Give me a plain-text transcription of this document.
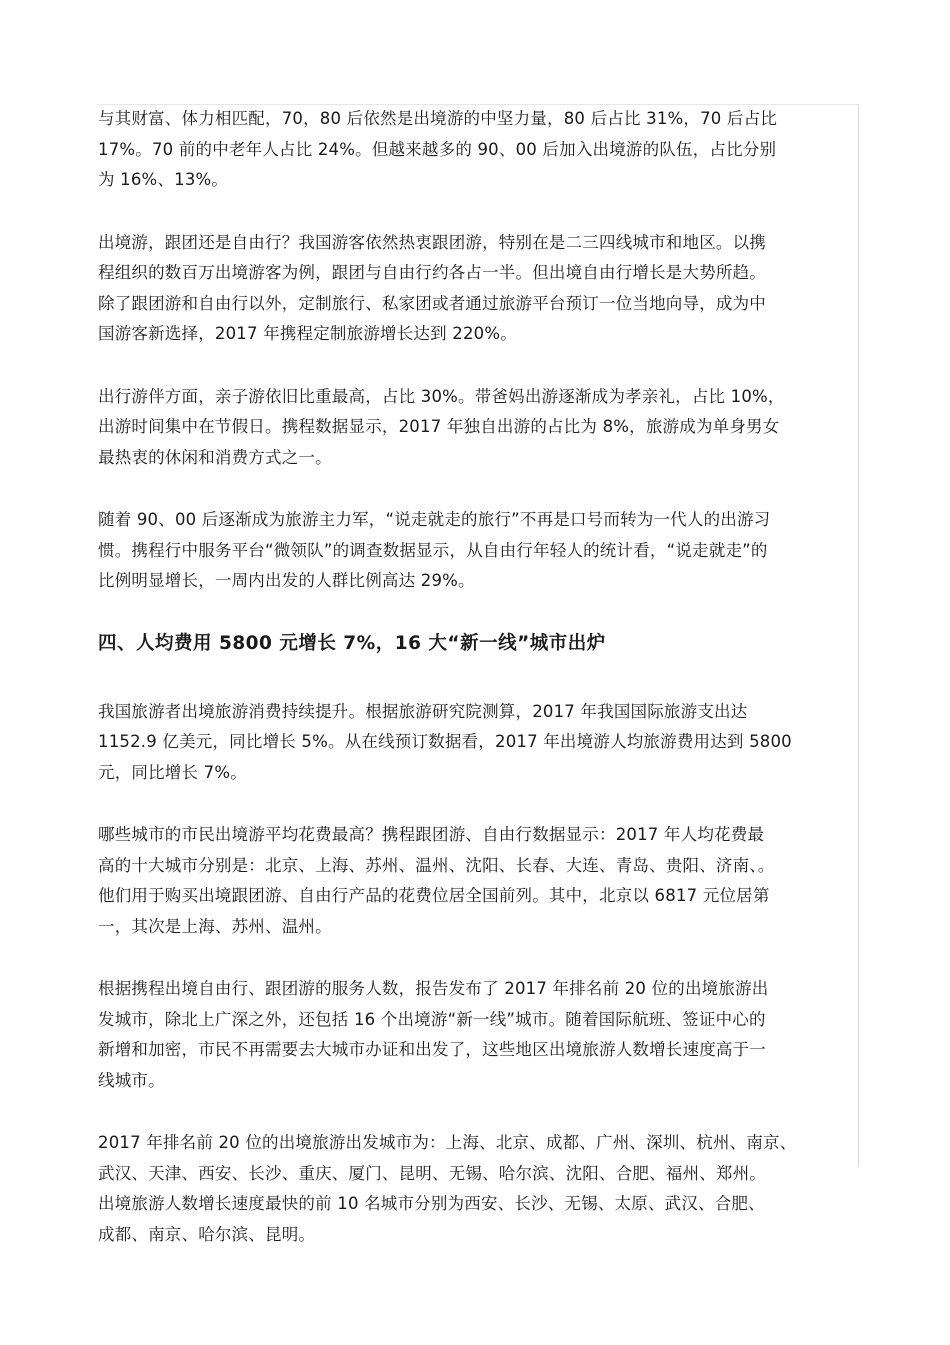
与其财富、体力相匹配，70，80 后依然是出境游的中坚力量，80 后占比 31%，70 后占比
17%。70 前的中老年人占比 24%。但越来越多的 90、00 后加入出境游的队伍，占比分别
为 16%、13%。

出境游，跟团还是自由行？我国游客依然热衷跟团游，特别在是二三四线城市和地区。以携
程组织的数百万出境游客为例，跟团与自由行约各占一半。但出境自由行增长是大势所趋。
除了跟团游和自由行以外，定制旅行、私家团或者通过旅游平台预订一位当地向导，成为中
国游客新选择，2017 年携程定制旅游增长达到 220%。

出行游伴方面，亲子游依旧比重最高，占比 30%。带爸妈出游逐渐成为孝亲礼，占比 10%，
出游时间集中在节假日。携程数据显示，2017 年独自出游的占比为 8%，旅游成为单身男女
最热衷的休闲和消费方式之一。

随着 90、00 后逐渐成为旅游主力军，“说走就走的旅行”不再是口号而转为一代人的出游习
惯。携程行中服务平台“微领队”的调查数据显示，从自由行年轻人的统计看，“说走就走”的
比例明显增长，一周内出发的人群比例高达 29%。

四、人均费用 5800 元增长 7%，16 大“新一线”城市出炉

我国旅游者出境旅游消费持续提升。根据旅游研究院测算，2017 年我国国际旅游支出达
1152.9 亿美元，同比增长 5%。从在线预订数据看，2017 年出境游人均旅游费用达到 5800
元，同比增长 7%。

哪些城市的市民出境游平均花费最高？携程跟团游、自由行数据显示：2017 年人均花费最
高的十大城市分别是：北京、上海、苏州、温州、沈阳、长春、大连、青岛、贵阳、济南、。
他们用于购买出境跟团游、自由行产品的花费位居全国前列。其中，北京以 6817 元位居第
一，其次是上海、苏州、温州。

根据携程出境自由行、跟团游的服务人数，报告发布了 2017 年排名前 20 位的出境旅游出
发城市，除北上广深之外，还包括 16 个出境游“新一线”城市。随着国际航班、签证中心的
新增和加密，市民不再需要去大城市办证和出发了，这些地区出境旅游人数增长速度高于一
线城市。

2017 年排名前 20 位的出境旅游出发城市为：上海、北京、成都、广州、深圳、杭州、南京、
武汉、天津、西安、长沙、重庆、厦门、昆明、无锡、哈尔滨、沈阳、合肥、福州、郑州。
出境旅游人数增长速度最快的前 10 名城市分别为西安、长沙、无锡、太原、武汉、合肥、
成都、南京、哈尔滨、昆明。
